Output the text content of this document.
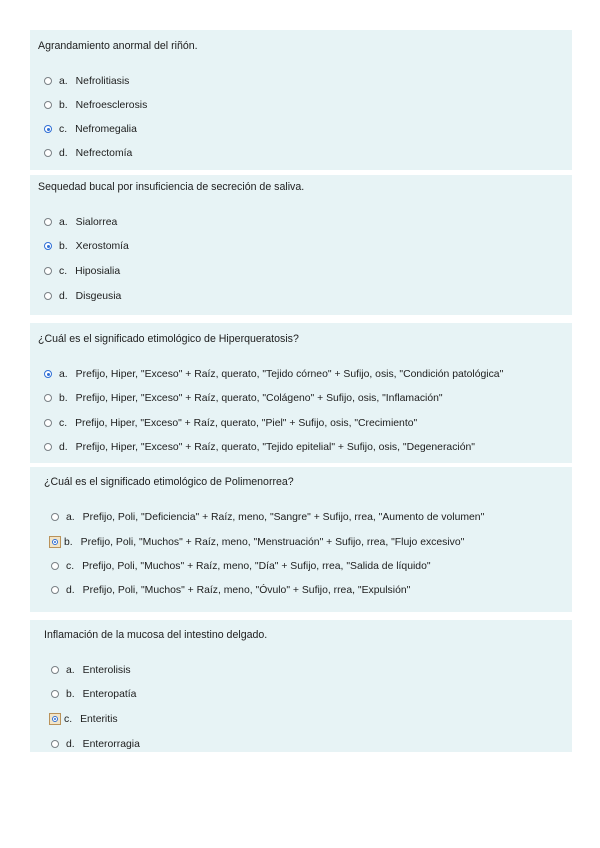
Agrandamiento anormal del riñón.
a. Nefrolitiasis
b. Nefroesclerosis
c. Nefromegalia
d. Nefrectomía
Sequedad bucal por insuficiencia de secreción de saliva.
a. Sialorrea
b. Xerostomía
c. Hiposialia
d. Disgeusia
¿Cuál es el significado etimológico de Hiperqueratosis?
a. Prefijo, Hiper, "Exceso" + Raíz, querato, "Tejido córneo" + Sufijo, osis, "Condición patológica"
b. Prefijo, Hiper, "Exceso" + Raíz, querato, "Colágeno" + Sufijo, osis, "Inflamación"
c. Prefijo, Hiper, "Exceso" + Raíz, querato, "Piel" + Sufijo, osis, "Crecimiento"
d. Prefijo, Hiper, "Exceso" + Raíz, querato, "Tejido epitelial" + Sufijo, osis, "Degeneración"
¿Cuál es el significado etimológico de Polimenorrea?
a. Prefijo, Poli, "Deficiencia" + Raíz, meno, "Sangre" + Sufijo, rrea, "Aumento de volumen"
b. Prefijo, Poli, "Muchos" + Raíz, meno, "Menstruación" + Sufijo, rrea, "Flujo excesivo"
c. Prefijo, Poli, "Muchos" + Raíz, meno, "Día" + Sufijo, rrea, "Salida de líquido"
d. Prefijo, Poli, "Muchos" + Raíz, meno, "Óvulo" + Sufijo, rrea, "Expulsión"
Inflamación de la mucosa del intestino delgado.
a. Enterolisis
b. Enteropatía
c. Enteritis
d. Enterorragia
